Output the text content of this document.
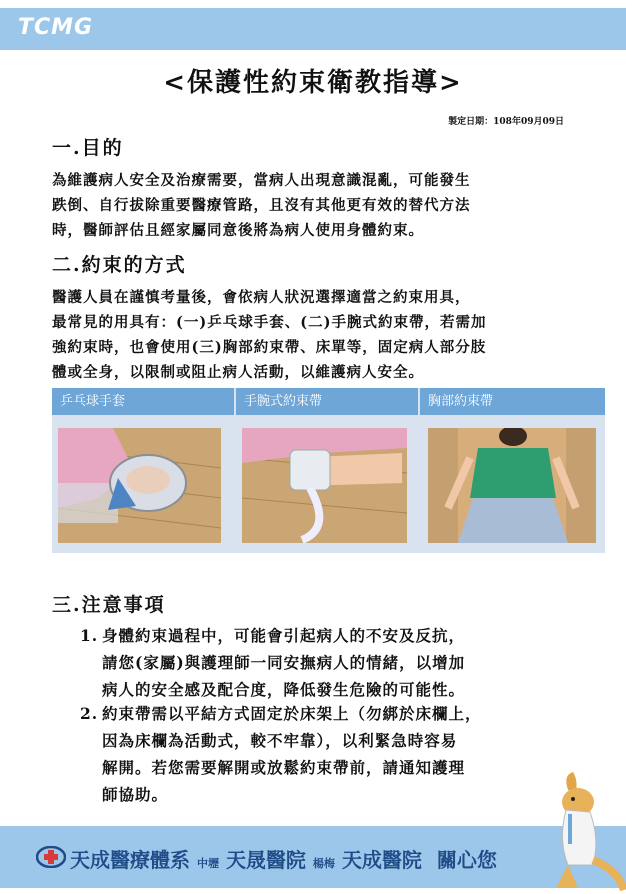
TCMG
<保護性約束衛教指導>
製定日期：108年09月09日
一.目的
為維護病人安全及治療需要，當病人出現意識混亂，可能發生
跌倒、自行拔除重要醫療管路，且沒有其他更有效的替代方法
時，醫師評估且經家屬同意後將為病人使用身體約束。
二.約束的方式
醫護人員在謹慎考量後，會依病人狀況選擇適當之約束用具，
最常見的用具有：(一)乒乓球手套、(二)手腕式約束帶，若需加
強約束時，也會使用(三)胸部約束帶、床單等，固定病人部分肢
體或全身，以限制或阻止病人活動，以維護病人安全。
乒乓球手套	手腕式約束帶	胸部約束帶
三.注意事項
1. 身體約束過程中，可能會引起病人的不安及反抗，
請您(家屬)與護理師一同安撫病人的情緒，以增加
病人的安全感及配合度，降低發生危險的可能性。
2. 約束帶需以平結方式固定於床架上（勿綁於床欄上，
因為床欄為活動式，較不牢靠），以利緊急時容易
解開。若您需要解開或放鬆約束帶前，請通知護理
師協助。
天成醫療體系 中壢 天晟醫院 楊梅 天成醫院 關心您
